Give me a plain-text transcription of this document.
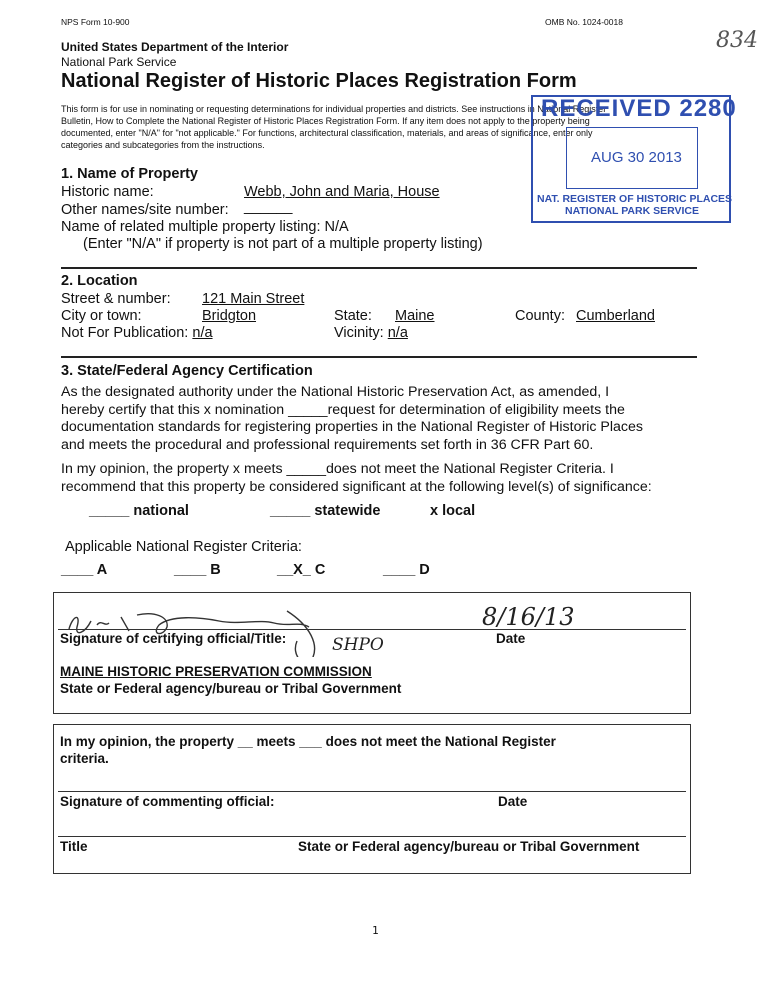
NPS Form 10-900	OMB No. 1024-0018
834
United States Department of the Interior
National Park Service
National Register of Historic Places Registration Form
This form is for use in nominating or requesting determinations for individual properties and districts. See instructions in National Register
Bulletin, How to Complete the National Register of Historic Places Registration Form. If any item does not apply to the property being
documented, enter "N/A" for "not applicable." For functions, architectural classification, materials, and areas of significance, enter only
categories and subcategories from the instructions.
RECEIVED 2280
AUG 30 2013
NAT. REGISTER OF HISTORIC PLACES
NATIONAL PARK SERVICE
1. Name of Property
Historic name:	Webb, John and Maria, House
Other names/site number: ______
Name of related multiple property listing: N/A
(Enter "N/A" if property is not part of a multiple property listing)
2. Location
Street & number: 121 Main Street
City or town:	Bridgton	State: Maine	County: Cumberland
Not For Publication: n/a	Vicinity: n/a
3. State/Federal Agency Certification
As the designated authority under the National Historic Preservation Act, as amended, I
hereby certify that this x nomination _____request for determination of eligibility meets the
documentation standards for registering properties in the National Register of Historic Places
and meets the procedural and professional requirements set forth in 36 CFR Part 60.
In my opinion, the property x meets _____does not meet the National Register Criteria. I
recommend that this property be considered significant at the following level(s) of significance:
_____ national	_____ statewide	x local
Applicable National Register Criteria:
____ A	____ B	__X_ C	____ D
Signature of certifying official/Title:	SHPO
8/16/13
Date
MAINE HISTORIC PRESERVATION COMMISSION
State or Federal agency/bureau or Tribal Government
In my opinion, the property __ meets ___ does not meet the National Register
criteria.
Signature of commenting official:	Date
Title	State or Federal agency/bureau or Tribal Government
1
